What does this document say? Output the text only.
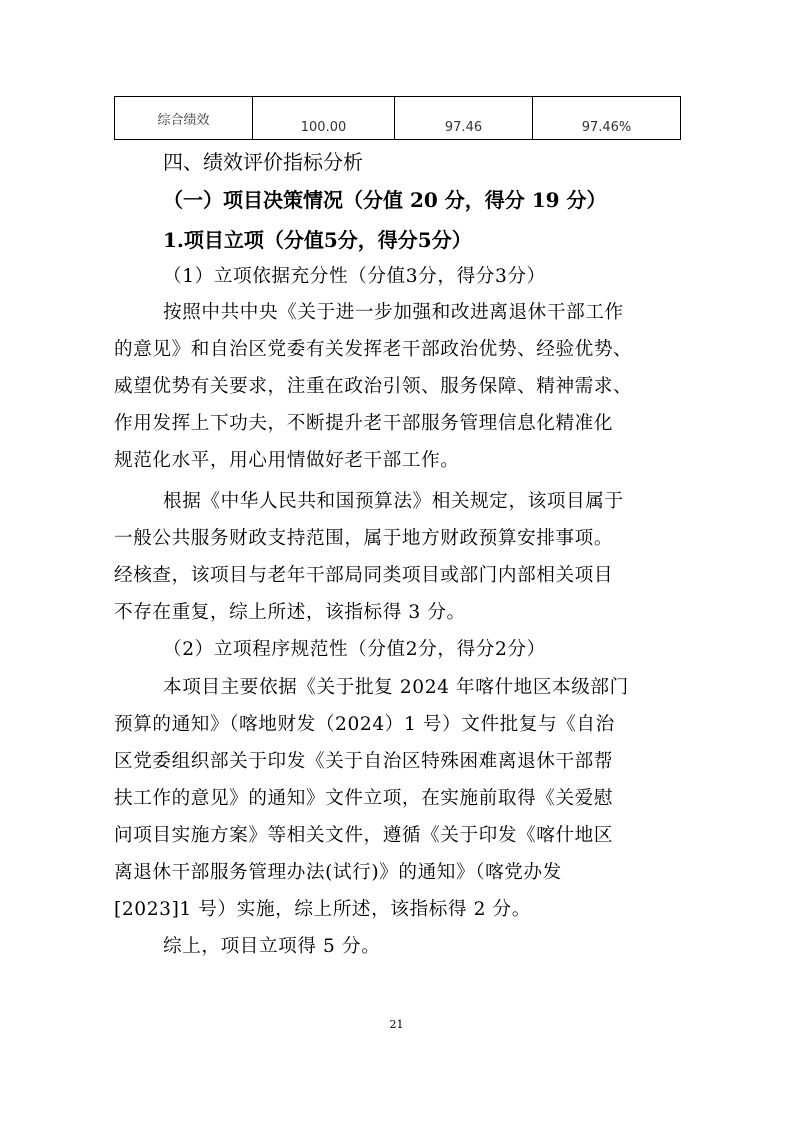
综合绩效	100.00	97.46	97.46%
四、绩效评价指标分析
（一）项目决策情况（分值 20 分，得分 19 分）
1.项目立项（分值5分，得分5分）
（1）立项依据充分性（分值3分，得分3分）
按照中共中央《关于进一步加强和改进离退休干部工作
的意见》和自治区党委有关发挥老干部政治优势、经验优势、
威望优势有关要求，注重在政治引领、服务保障、精神需求、
作用发挥上下功夫，不断提升老干部服务管理信息化精准化
规范化水平，用心用情做好老干部工作。
根据《中华人民共和国预算法》相关规定，该项目属于
一般公共服务财政支持范围，属于地方财政预算安排事项。
经核查，该项目与老年干部局同类项目或部门内部相关项目
不存在重复，综上所述，该指标得 3 分。
（2）立项程序规范性（分值2分，得分2分）
本项目主要依据《关于批复 2024 年喀什地区本级部门
预算的通知》（喀地财发（2024）1 号）文件批复与《自治
区党委组织部关于印发《关于自治区特殊困难离退休干部帮
扶工作的意见》的通知》文件立项，在实施前取得《关爱慰
问项目实施方案》等相关文件，遵循《关于印发《喀什地区
离退休干部服务管理办法(试行)》的通知》（喀党办发
[2023]1 号）实施，综上所述，该指标得 2 分。
综上，项目立项得 5 分。
21
